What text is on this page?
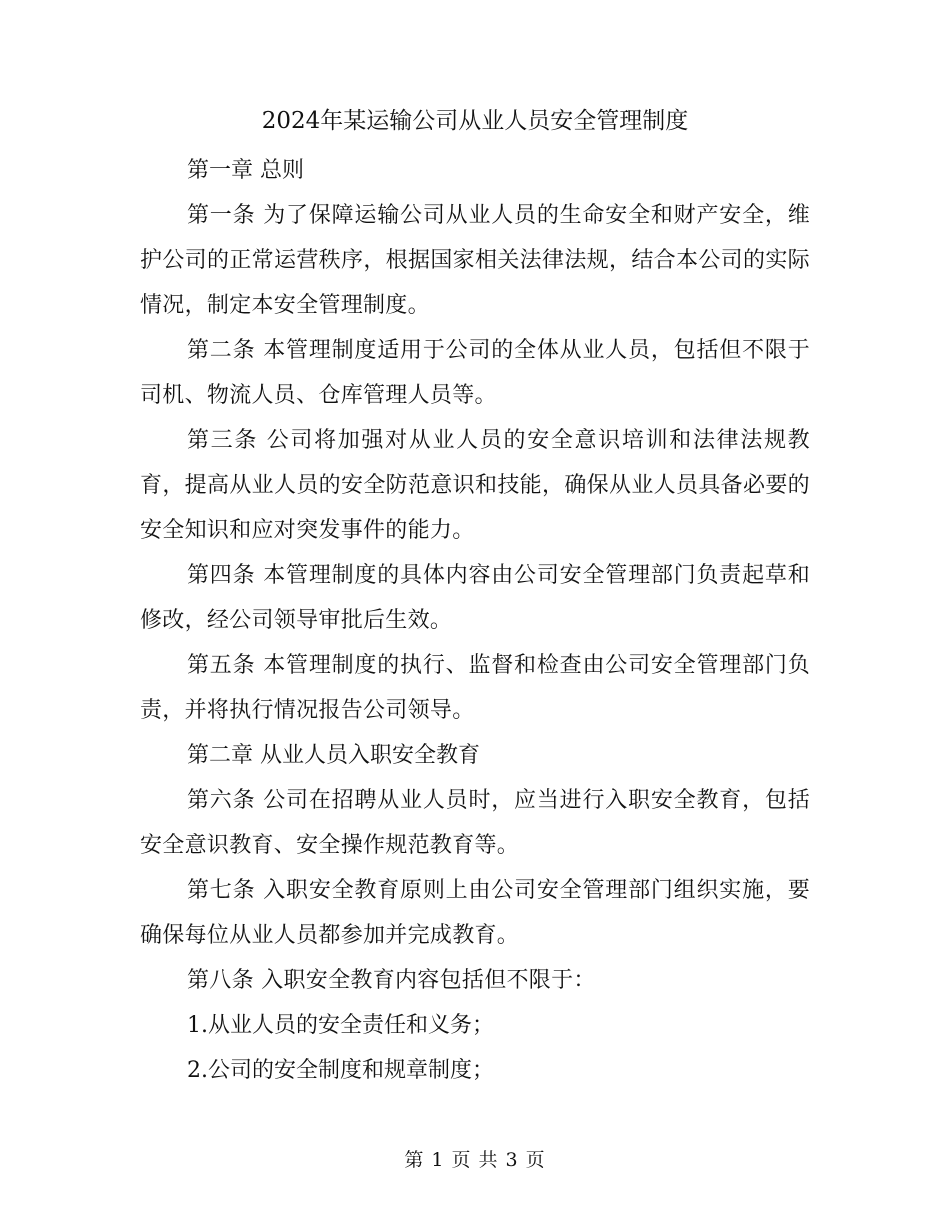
2024年某运输公司从业人员安全管理制度

第一章 总则

第一条 为了保障运输公司从业人员的生命安全和财产安全，维护公司的正常运营秩序，根据国家相关法律法规，结合本公司的实际情况，制定本安全管理制度。

第二条 本管理制度适用于公司的全体从业人员，包括但不限于司机、物流人员、仓库管理人员等。

第三条 公司将加强对从业人员的安全意识培训和法律法规教育，提高从业人员的安全防范意识和技能，确保从业人员具备必要的安全知识和应对突发事件的能力。

第四条 本管理制度的具体内容由公司安全管理部门负责起草和修改，经公司领导审批后生效。

第五条 本管理制度的执行、监督和检查由公司安全管理部门负责，并将执行情况报告公司领导。

第二章 从业人员入职安全教育

第六条 公司在招聘从业人员时，应当进行入职安全教育，包括安全意识教育、安全操作规范教育等。

第七条 入职安全教育原则上由公司安全管理部门组织实施，要确保每位从业人员都参加并完成教育。

第八条 入职安全教育内容包括但不限于：

1.从业人员的安全责任和义务；

2.公司的安全制度和规章制度；

第 1 页 共 3 页
